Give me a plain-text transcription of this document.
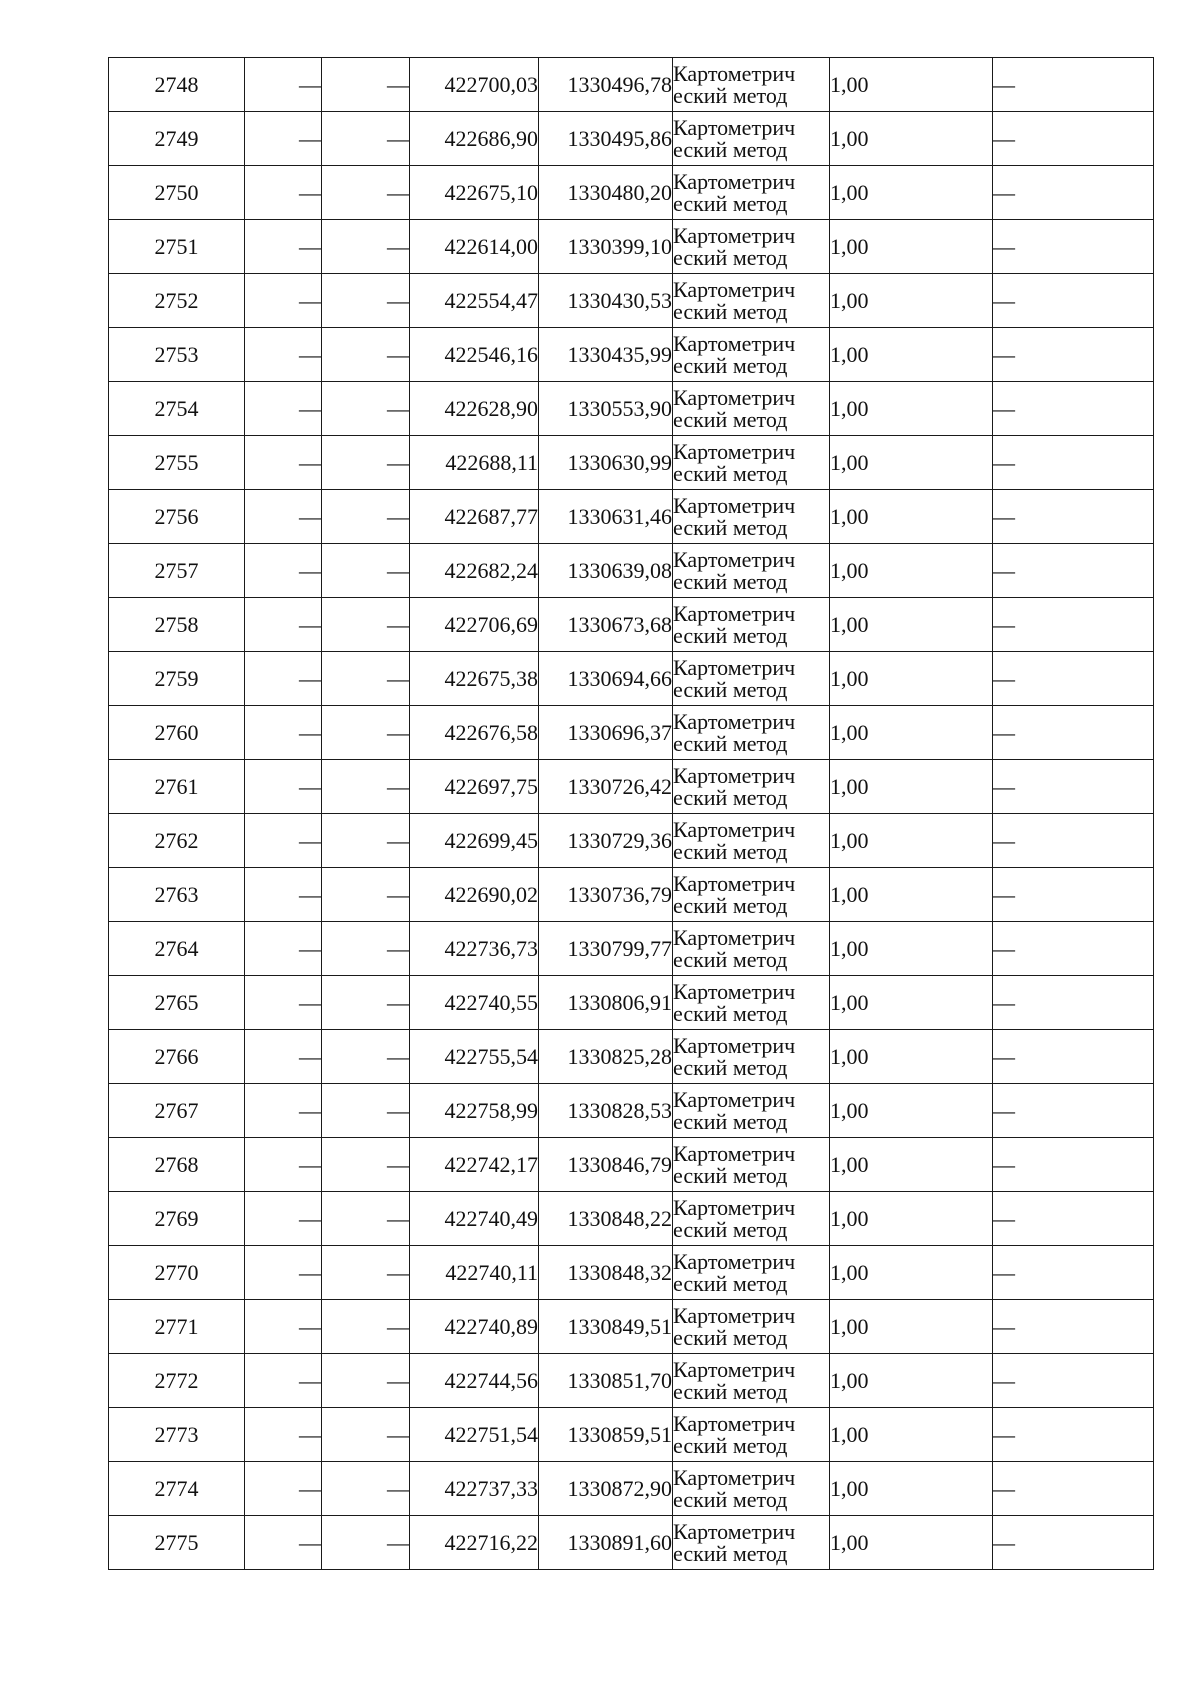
2748	—	—	422700,03	1330496,78	Картометрич
еский метод	1,00	—
2749	—	—	422686,90	1330495,86	Картометрич
еский метод	1,00	—
2750	—	—	422675,10	1330480,20	Картометрич
еский метод	1,00	—
2751	—	—	422614,00	1330399,10	Картометрич
еский метод	1,00	—
2752	—	—	422554,47	1330430,53	Картометрич
еский метод	1,00	—
2753	—	—	422546,16	1330435,99	Картометрич
еский метод	1,00	—
2754	—	—	422628,90	1330553,90	Картометрич
еский метод	1,00	—
2755	—	—	422688,11	1330630,99	Картометрич
еский метод	1,00	—
2756	—	—	422687,77	1330631,46	Картометрич
еский метод	1,00	—
2757	—	—	422682,24	1330639,08	Картометрич
еский метод	1,00	—
2758	—	—	422706,69	1330673,68	Картометрич
еский метод	1,00	—
2759	—	—	422675,38	1330694,66	Картометрич
еский метод	1,00	—
2760	—	—	422676,58	1330696,37	Картометрич
еский метод	1,00	—
2761	—	—	422697,75	1330726,42	Картометрич
еский метод	1,00	—
2762	—	—	422699,45	1330729,36	Картометрич
еский метод	1,00	—
2763	—	—	422690,02	1330736,79	Картометрич
еский метод	1,00	—
2764	—	—	422736,73	1330799,77	Картометрич
еский метод	1,00	—
2765	—	—	422740,55	1330806,91	Картометрич
еский метод	1,00	—
2766	—	—	422755,54	1330825,28	Картометрич
еский метод	1,00	—
2767	—	—	422758,99	1330828,53	Картометрич
еский метод	1,00	—
2768	—	—	422742,17	1330846,79	Картометрич
еский метод	1,00	—
2769	—	—	422740,49	1330848,22	Картометрич
еский метод	1,00	—
2770	—	—	422740,11	1330848,32	Картометрич
еский метод	1,00	—
2771	—	—	422740,89	1330849,51	Картометрич
еский метод	1,00	—
2772	—	—	422744,56	1330851,70	Картометрич
еский метод	1,00	—
2773	—	—	422751,54	1330859,51	Картометрич
еский метод	1,00	—
2774	—	—	422737,33	1330872,90	Картометрич
еский метод	1,00	—
2775	—	—	422716,22	1330891,60	Картометрич
еский метод	1,00	—
